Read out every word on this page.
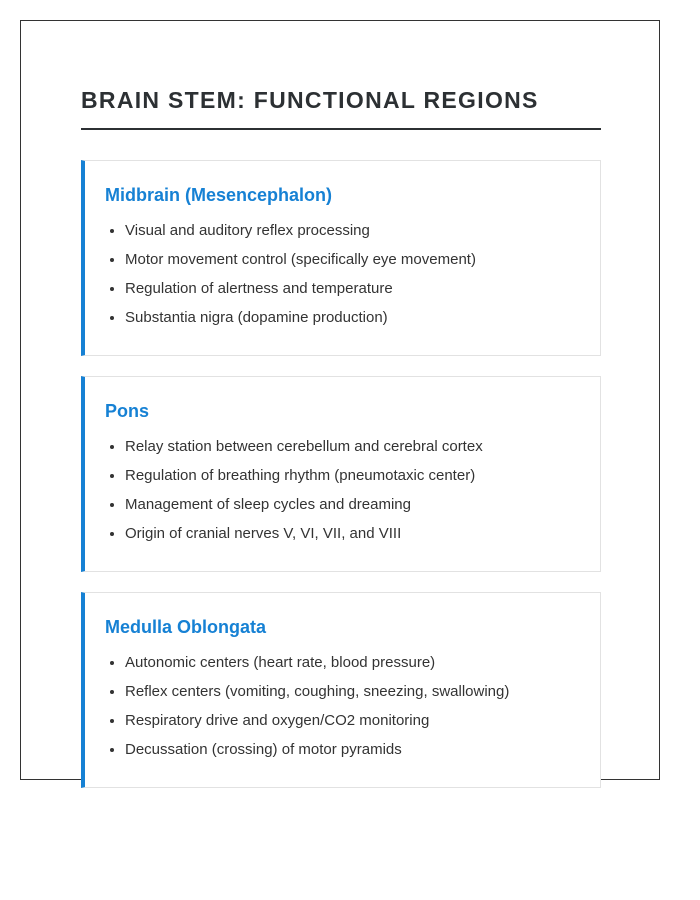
BRAIN STEM: FUNCTIONAL REGIONS
Midbrain (Mesencephalon)
• Visual and auditory reflex processing
• Motor movement control (specifically eye movement)
• Regulation of alertness and temperature
• Substantia nigra (dopamine production)
Pons
• Relay station between cerebellum and cerebral cortex
• Regulation of breathing rhythm (pneumotaxic center)
• Management of sleep cycles and dreaming
• Origin of cranial nerves V, VI, VII, and VIII
Medulla Oblongata
• Autonomic centers (heart rate, blood pressure)
• Reflex centers (vomiting, coughing, sneezing, swallowing)
• Respiratory drive and oxygen/CO2 monitoring
• Decussation (crossing) of motor pyramids
